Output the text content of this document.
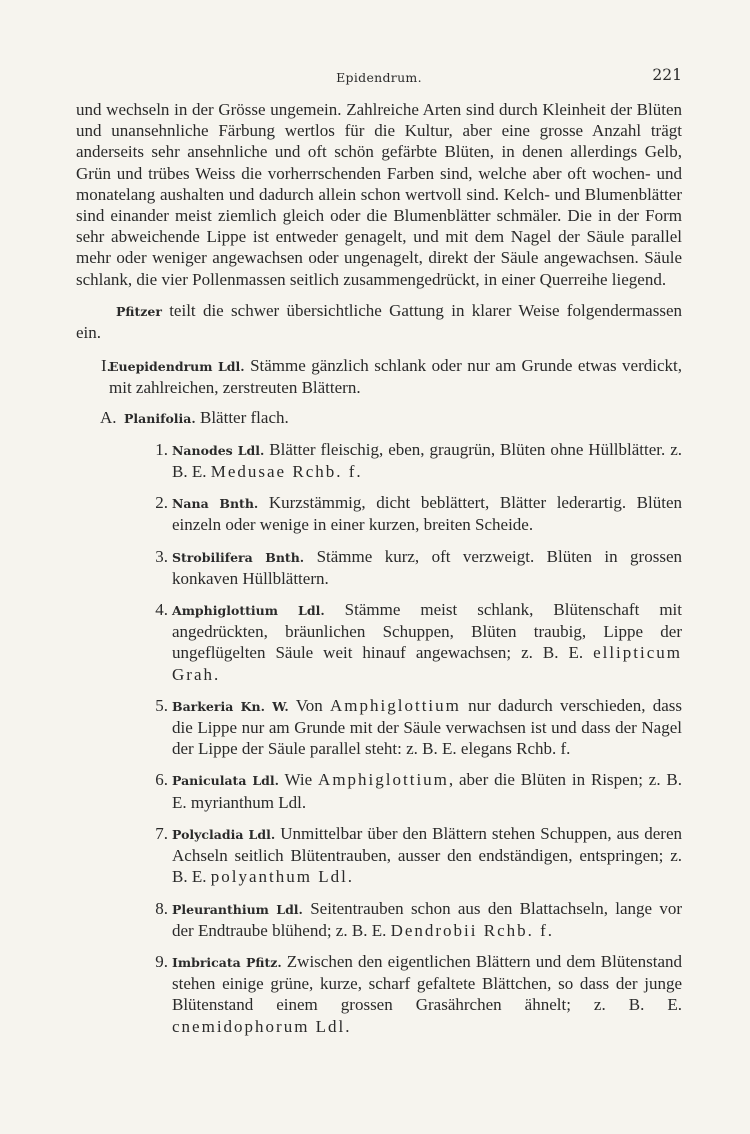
Epidendrum.	221

und wechseln in der Grösse ungemein. Zahlreiche Arten sind durch Kleinheit der Blüten und unansehnliche Färbung wertlos für die Kultur, aber eine grosse Anzahl trägt anderseits sehr ansehnliche und oft schön gefärbte Blüten, in denen allerdings Gelb, Grün und trübes Weiss die vorherrschenden Farben sind, welche aber oft wochen- und monatelang aushalten und dadurch allein schon wertvoll sind. Kelch- und Blumenblätter sind einander meist ziemlich gleich oder die Blumenblätter schmäler. Die in der Form sehr abweichende Lippe ist entweder genagelt, und mit dem Nagel der Säule parallel mehr oder weniger angewachsen oder ungenagelt, direkt der Säule angewachsen. Säule schlank, die vier Pollenmassen seitlich zusammengedrückt, in einer Querreihe liegend.

Pfitzer teilt die schwer übersichtliche Gattung in klarer Weise folgendermassen ein.

I.

Euepidendrum Ldl. Stämme gänzlich schlank oder nur am Grunde etwas verdickt, mit zahlreichen, zerstreuten Blättern.

A. Planifolia. Blätter flach.

1. Nanodes Ldl. Blätter fleischig, eben, graugrün, Blüten ohne Hüllblätter. z. B. E. Medusae Rchb. f.

2. Nana Bnth. Kurzstämmig, dicht beblättert, Blätter lederartig. Blüten einzeln oder wenige in einer kurzen, breiten Scheide.

3. Strobilifera Bnth. Stämme kurz, oft verzweigt. Blüten in grossen konkaven Hüllblättern.

4. Amphiglottium Ldl. Stämme meist schlank, Blütenschaft mit angedrückten, bräunlichen Schuppen, Blüten traubig, Lippe der ungeflügelten Säule weit hinauf angewachsen; z. B. E. ellipticum Grah.

5. Barkeria Kn. W. Von Amphiglottium nur dadurch verschieden, dass die Lippe nur am Grunde mit der Säule verwachsen ist und dass der Nagel der Lippe der Säule parallel steht: z. B. E. elegans Rchb. f.

6. Paniculata Ldl. Wie Amphiglottium, aber die Blüten in Rispen; z. B. E. myrianthum Ldl.

7. Polycladia Ldl. Unmittelbar über den Blättern stehen Schuppen, aus deren Achseln seitlich Blütentrauben, ausser den endständigen, entspringen; z. B. E. polyanthum Ldl.

8. Pleuranthium Ldl. Seitentrauben schon aus den Blattachseln, lange vor der Endtraube blühend; z. B. E. Dendrobii Rchb. f.

9. Imbricata Pfitz. Zwischen den eigentlichen Blättern und dem Blütenstand stehen einige grüne, kurze, scharf gefaltete Blättchen, so dass der junge Blütenstand einem grossen Grasährchen ähnelt; z. B. E. cnemidophorum Ldl.
